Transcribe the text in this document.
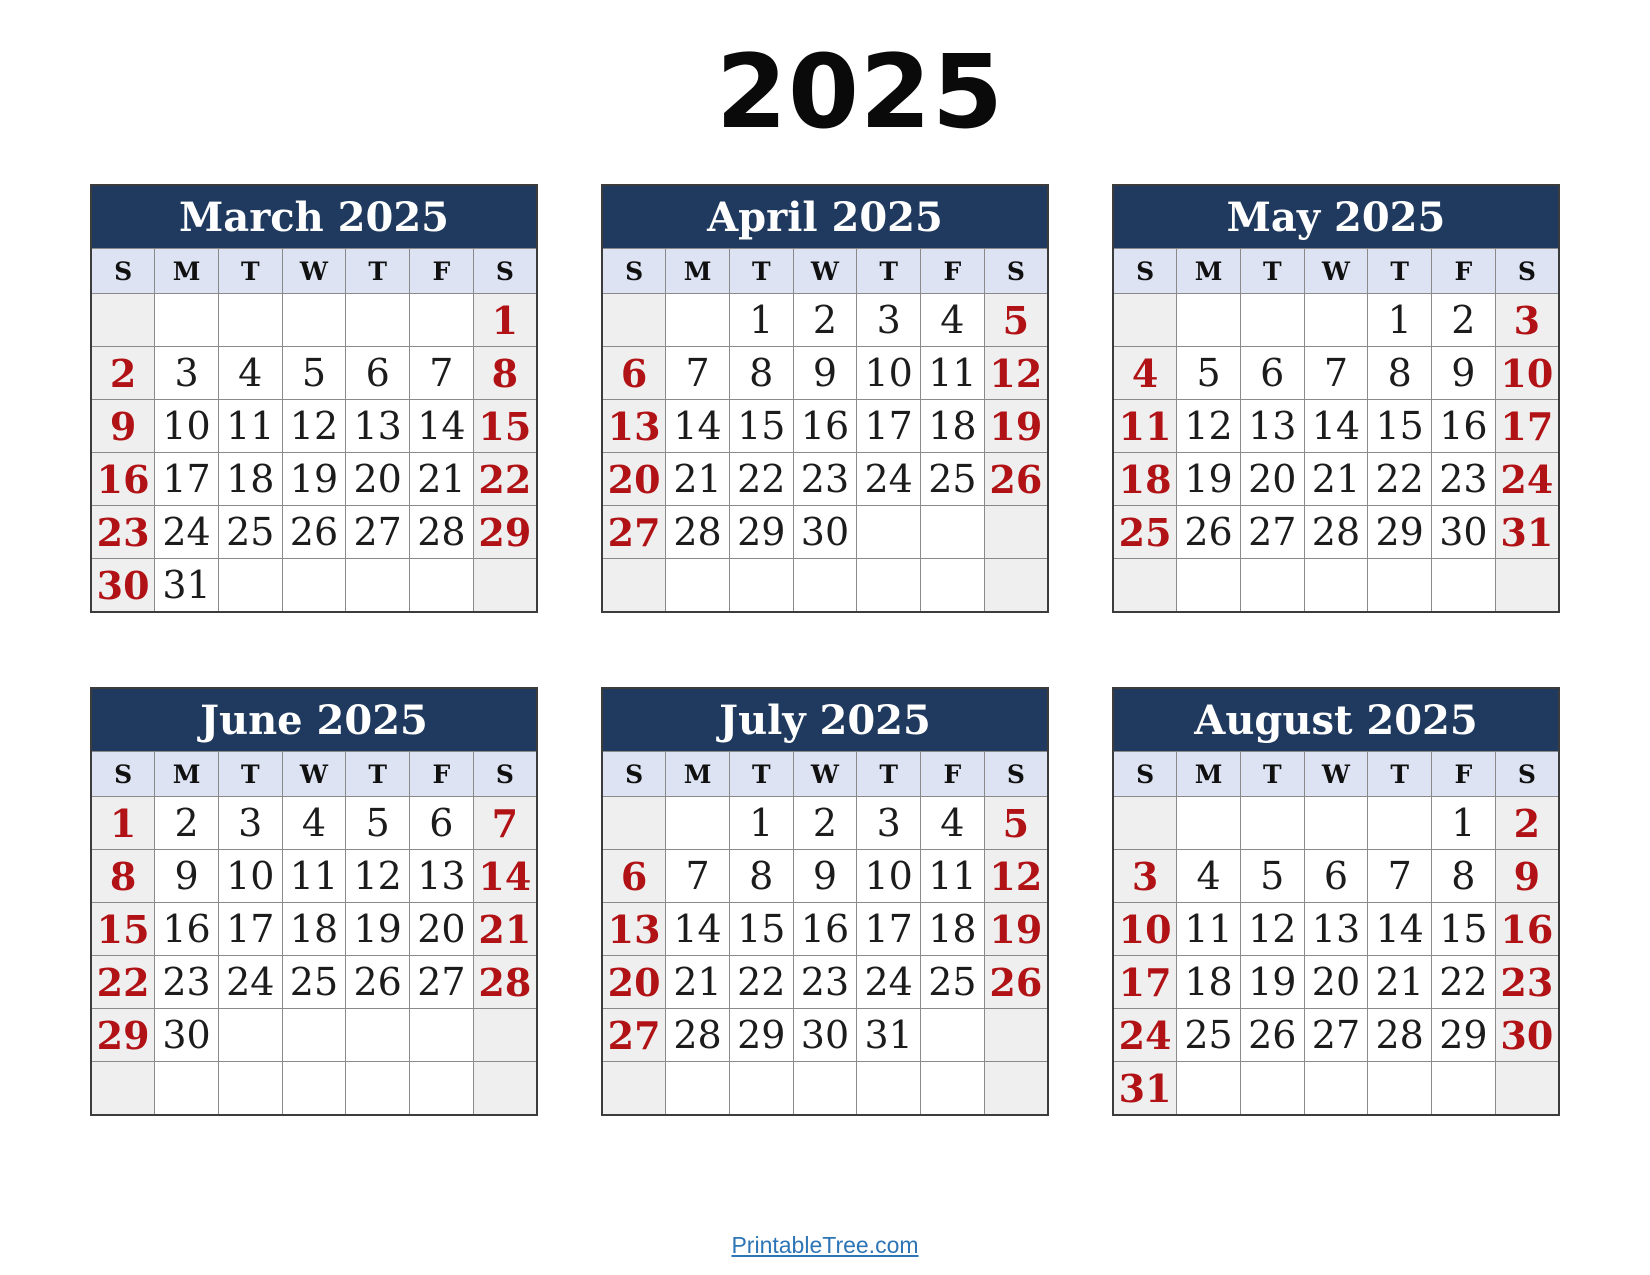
2025
March 2025						
S	M	T	W	T	F	S
						1
2	3	4	5	6	7	8
9	10	11	12	13	14	15
16	17	18	19	20	21	22
23	24	25	26	27	28	29
30	31					
April 2025						
S	M	T	W	T	F	S
		1	2	3	4	5
6	7	8	9	10	11	12
13	14	15	16	17	18	19
20	21	22	23	24	25	26
27	28	29	30			

May 2025						
S	M	T	W	T	F	S
				1	2	3
4	5	6	7	8	9	10
11	12	13	14	15	16	17
18	19	20	21	22	23	24
25	26	27	28	29	30	31

June 2025						
S	M	T	W	T	F	S
1	2	3	4	5	6	7
8	9	10	11	12	13	14
15	16	17	18	19	20	21
22	23	24	25	26	27	28
29	30					

July 2025						
S	M	T	W	T	F	S
		1	2	3	4	5
6	7	8	9	10	11	12
13	14	15	16	17	18	19
20	21	22	23	24	25	26
27	28	29	30	31		

August 2025						
S	M	T	W	T	F	S
					1	2
3	4	5	6	7	8	9
10	11	12	13	14	15	16
17	18	19	20	21	22	23
24	25	26	27	28	29	30
31						
PrintableTree.com
